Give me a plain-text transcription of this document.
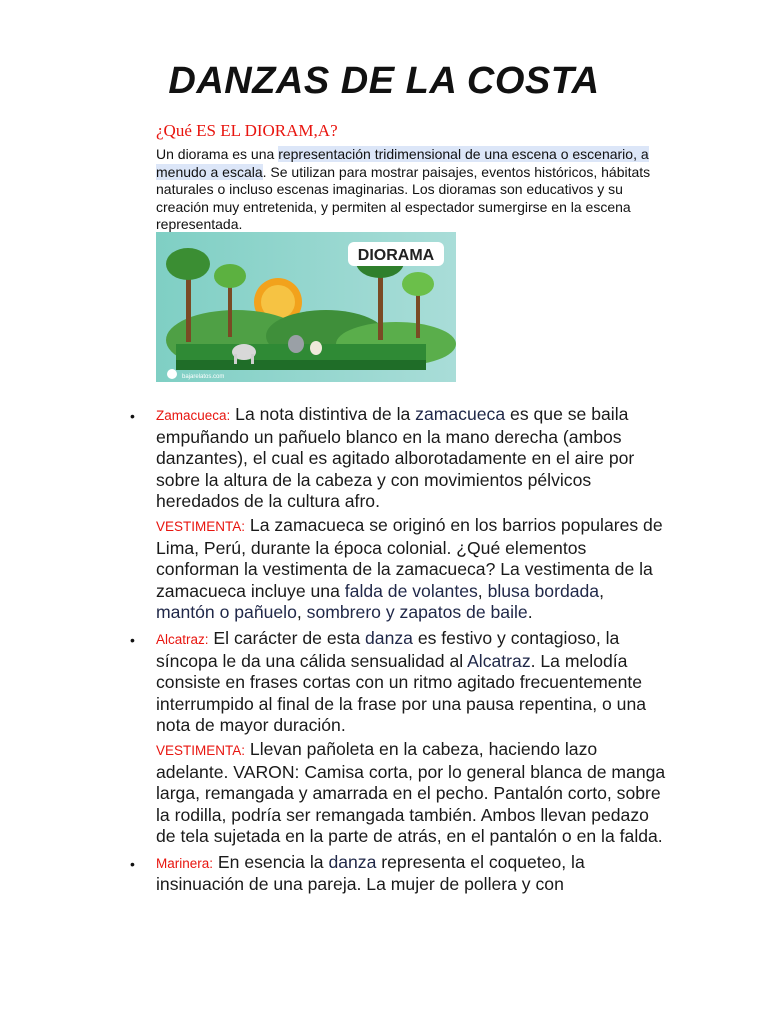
DANZAS DE LA COSTA

¿Qué ES EL DIORAM,A?

Un diorama es una representación tridimensional de una escena o escenario, a menudo a escala. Se utilizan para mostrar paisajes, eventos históricos, hábitats naturales o incluso escenas imaginarias. Los dioramas son educativos y su creación muy entretenida, y permiten al espectador sumergirse en la escena representada.

DIORAMA
bajarelatos.com
• Zamacueca: La nota distintiva de la zamacueca es que se baila empuñando un pañuelo blanco en la mano derecha (ambos danzantes), el cual es agitado alborotadamente en el aire por sobre la altura de la cabeza y con movimientos pélvicos heredados de la cultura afro.

VESTIMENTA: La zamacueca se originó en los barrios populares de Lima, Perú, durante la época colonial. ¿Qué elementos conforman la vestimenta de la zamacueca? La vestimenta de la zamacueca incluye una falda de volantes, blusa bordada, mantón o pañuelo, sombrero y zapatos de baile.

• Alcatraz: El carácter de esta danza es festivo y contagioso, la síncopa le da una cálida sensualidad al Alcatraz. La melodía consiste en frases cortas con un ritmo agitado frecuentemente interrumpido al final de la frase por una pausa repentina, o una nota de mayor duración.

VESTIMENTA: Llevan pañoleta en la cabeza, haciendo lazo adelante. VARON: Camisa corta, por lo general blanca de manga larga, remangada y amarrada en el pecho. Pantalón corto, sobre la rodilla, podría ser remangada también. Ambos llevan pedazo de tela sujetada en la parte de atrás, en el pantalón o en la falda.

• Marinera: En esencia la danza representa el coqueteo, la insinuación de una pareja. La mujer de pollera y con
